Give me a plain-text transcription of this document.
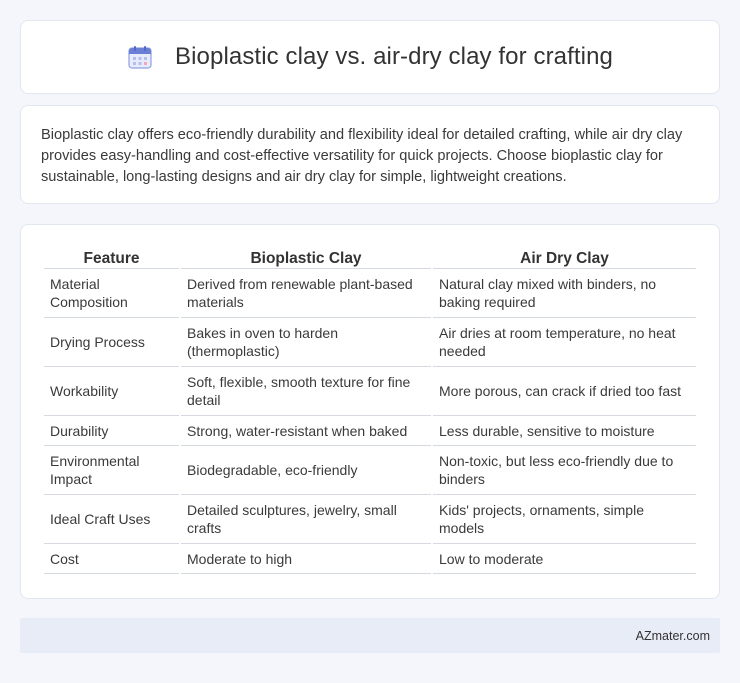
Bioplastic clay vs. air-dry clay for crafting

Bioplastic clay offers eco-friendly durability and flexibility ideal for detailed crafting, while air dry clay provides easy-handling and cost-effective versatility for quick projects. Choose bioplastic clay for sustainable, long-lasting designs and air dry clay for simple, lightweight creations.

Feature	Bioplastic Clay	Air Dry Clay
Material Composition	Derived from renewable plant-based materials	Natural clay mixed with binders, no baking required
Drying Process	Bakes in oven to harden (thermoplastic)	Air dries at room temperature, no heat needed
Workability	Soft, flexible, smooth texture for fine detail	More porous, can crack if dried too fast
Durability	Strong, water-resistant when baked	Less durable, sensitive to moisture
Environmental Impact	Biodegradable, eco-friendly	Non-toxic, but less eco-friendly due to binders
Ideal Craft Uses	Detailed sculptures, jewelry, small crafts	Kids' projects, ornaments, simple models
Cost	Moderate to high	Low to moderate
AZmater.com
